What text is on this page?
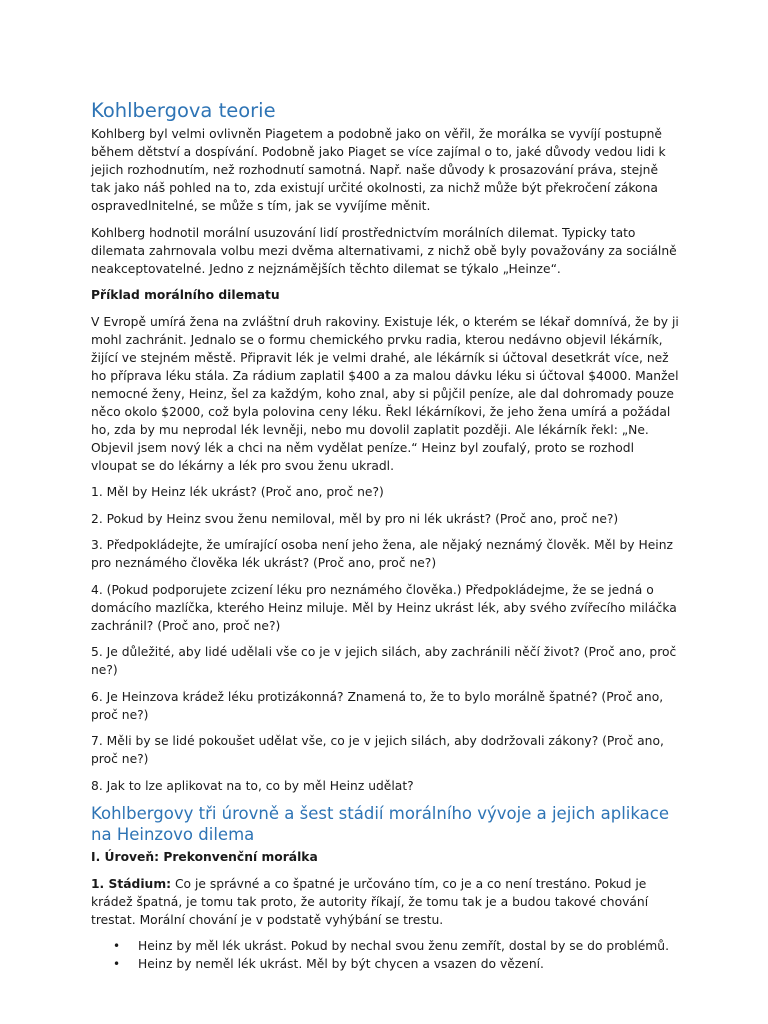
Kohlbergova teorie

Kohlberg byl velmi ovlivněn Piagetem a podobně jako on věřil, že morálka se vyvíjí postupně během dětství a dospívání. Podobně jako Piaget se více zajímal o to, jaké důvody vedou lidi k jejich rozhodnutím, než rozhodnutí samotná. Např. naše důvody k prosazování práva, stejně tak jako náš pohled na to, zda existují určité okolnosti, za nichž může být překročení zákona ospravedlnitelné, se může s tím, jak se vyvíjíme měnit.

Kohlberg hodnotil morální usuzování lidí prostřednictvím morálních dilemat. Typicky tato dilemata zahrnovala volbu mezi dvěma alternativami, z nichž obě byly považovány za sociálně neakceptovatelné. Jedno z nejznámějších těchto dilemat se týkalo „Heinze“.

Příklad morálního dilematu

V Evropě umírá žena na zvláštní druh rakoviny. Existuje lék, o kterém se lékař domnívá, že by ji mohl zachránit. Jednalo se o formu chemického prvku radia, kterou nedávno objevil lékárník, žijící ve stejném městě. Připravit lék je velmi drahé, ale lékárník si účtoval desetkrát více, než ho příprava léku stála. Za rádium zaplatil $400 a za malou dávku léku si účtoval $4000. Manžel nemocné ženy, Heinz, šel za každým, koho znal, aby si půjčil peníze, ale dal dohromady pouze něco okolo $2000, což byla polovina ceny léku. Řekl lékárníkovi, že jeho žena umírá a požádal ho, zda by mu neprodal lék levněji, nebo mu dovolil zaplatit později. Ale lékárník řekl: „Ne. Objevil jsem nový lék a chci na něm vydělat peníze.“ Heinz byl zoufalý, proto se rozhodl vloupat se do lékárny a lék pro svou ženu ukradl.

1. Měl by Heinz lék ukrást? (Proč ano, proč ne?)

2. Pokud by Heinz svou ženu nemiloval, měl by pro ni lék ukrást? (Proč ano, proč ne?)

3. Předpokládejte, že umírající osoba není jeho žena, ale nějaký neznámý člověk. Měl by Heinz pro neznámého člověka lék ukrást? (Proč ano, proč ne?)

4. (Pokud podporujete zcizení léku pro neznámého člověka.) Předpokládejme, že se jedná o domácího mazlíčka, kterého Heinz miluje. Měl by Heinz ukrást lék, aby svého zvířecího miláčka zachránil? (Proč ano, proč ne?)

5. Je důležité, aby lidé udělali vše co je v jejich silách, aby zachránili něčí život? (Proč ano, proč ne?)

6. Je Heinzova krádež léku protizákonná? Znamená to, že to bylo morálně špatné? (Proč ano, proč ne?)

7. Měli by se lidé pokoušet udělat vše, co je v jejich silách, aby dodržovali zákony? (Proč ano, proč ne?)

8. Jak to lze aplikovat na to, co by měl Heinz udělat?

Kohlbergovy tři úrovně a šest stádií morálního vývoje a jejich aplikace na Heinzovo dilema

I. Úroveň: Prekonvenční morálka

1. Stádium: Co je správné a co špatné je určováno tím, co je a co není trestáno. Pokud je krádež špatná, je tomu tak proto, že autority říkají, že tomu tak je a budou takové chování trestat. Morální chování je v podstatě vyhýbání se trestu.

• Heinz by měl lék ukrást. Pokud by nechal svou ženu zemřít, dostal by se do problémů.
• Heinz by neměl lék ukrást. Měl by být chycen a vsazen do vězení.
